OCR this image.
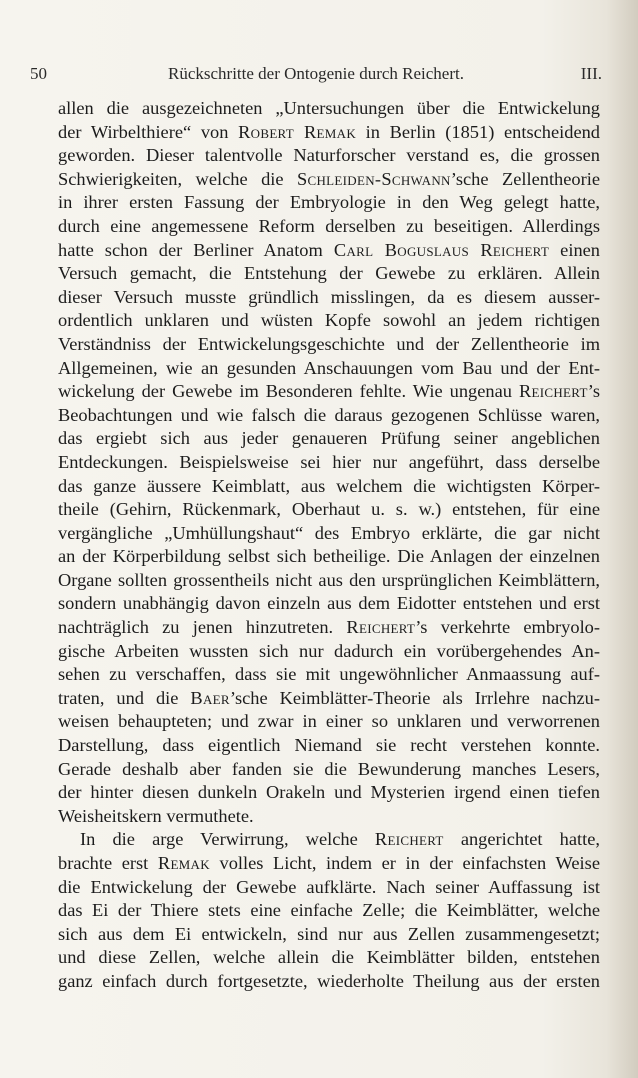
50	Rückschritte der Ontogenie durch Reichert.	III.
allen die ausgezeichneten „Untersuchungen über die Entwickelung
der Wirbelthiere“ von Robert Remak in Berlin (1851) entscheidend
geworden. Dieser talentvolle Naturforscher verstand es, die grossen
Schwierigkeiten, welche die Schleiden-Schwann’sche Zellentheorie
in ihrer ersten Fassung der Embryologie in den Weg gelegt hatte,
durch eine angemessene Reform derselben zu beseitigen. Allerdings
hatte schon der Berliner Anatom Carl Boguslaus Reichert einen
Versuch gemacht, die Entstehung der Gewebe zu erklären. Allein
dieser Versuch musste gründlich misslingen, da es diesem ausser-
ordentlich unklaren und wüsten Kopfe sowohl an jedem richtigen
Verständniss der Entwickelungsgeschichte und der Zellentheorie im
Allgemeinen, wie an gesunden Anschauungen vom Bau und der Ent-
wickelung der Gewebe im Besonderen fehlte. Wie ungenau Reichert’s
Beobachtungen und wie falsch die daraus gezogenen Schlüsse waren,
das ergiebt sich aus jeder genaueren Prüfung seiner angeblichen
Entdeckungen. Beispielsweise sei hier nur angeführt, dass derselbe
das ganze äussere Keimblatt, aus welchem die wichtigsten Körper-
theile (Gehirn, Rückenmark, Oberhaut u. s. w.) entstehen, für eine
vergängliche „Umhüllungshaut“ des Embryo erklärte, die gar nicht
an der Körperbildung selbst sich betheilige. Die Anlagen der einzelnen
Organe sollten grossentheils nicht aus den ursprünglichen Keimblättern,
sondern unabhängig davon einzeln aus dem Eidotter entstehen und erst
nachträglich zu jenen hinzutreten. Reichert’s verkehrte embryolo-
gische Arbeiten wussten sich nur dadurch ein vorübergehendes An-
sehen zu verschaffen, dass sie mit ungewöhnlicher Anmaassung auf-
traten, und die Baer’sche Keimblätter-Theorie als Irrlehre nachzu-
weisen behaupteten; und zwar in einer so unklaren und verworrenen
Darstellung, dass eigentlich Niemand sie recht verstehen konnte.
Gerade deshalb aber fanden sie die Bewunderung manches Lesers,
der hinter diesen dunkeln Orakeln und Mysterien irgend einen tiefen
Weisheitskern vermuthete.
In die arge Verwirrung, welche Reichert angerichtet hatte,
brachte erst Remak volles Licht, indem er in der einfachsten Weise
die Entwickelung der Gewebe aufklärte. Nach seiner Auffassung ist
das Ei der Thiere stets eine einfache Zelle; die Keimblätter, welche
sich aus dem Ei entwickeln, sind nur aus Zellen zusammengesetzt;
und diese Zellen, welche allein die Keimblätter bilden, entstehen
ganz einfach durch fortgesetzte, wiederholte Theilung aus der ersten
